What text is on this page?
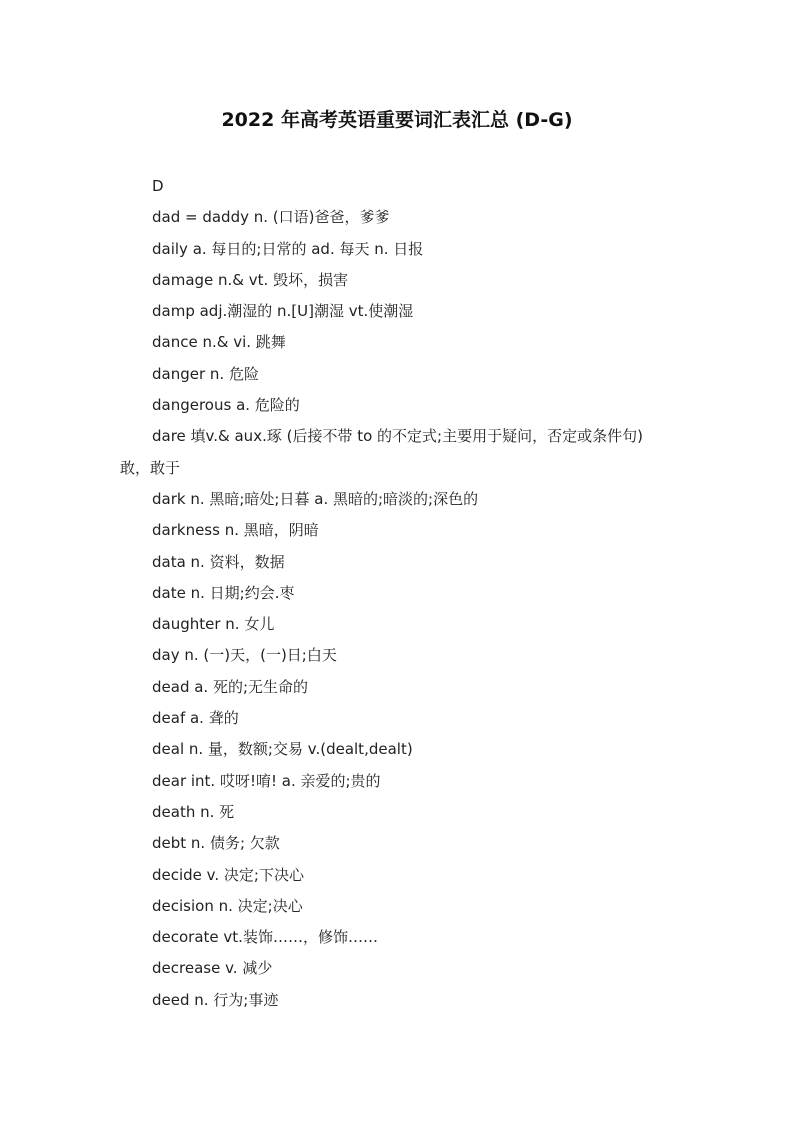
2022 年高考英语重要词汇表汇总 (D-G)
D
dad = daddy n. (口语)爸爸，爹爹
daily a. 每日的;日常的 ad. 每天 n. 日报
damage n.& vt. 毁坏，损害
damp adj.潮湿的 n.[U]潮湿 vt.使潮湿
dance n.& vi. 跳舞
danger n. 危险
dangerous a. 危险的
dare 填v.& aux.琢 (后接不带 to 的不定式;主要用于疑问，否定或条件句)
敢，敢于
dark n. 黑暗;暗处;日暮 a. 黑暗的;暗淡的;深色的
darkness n. 黑暗，阴暗
data n. 资料，数据
date n. 日期;约会.枣
daughter n. 女儿
day n. (一)天，(一)日;白天
dead a. 死的;无生命的
deaf a. 聋的
deal n. 量，数额;交易 v.(dealt,dealt)
dear int. 哎呀!唷! a. 亲爱的;贵的
death n. 死
debt n. 债务; 欠款
decide v. 决定;下决心
decision n. 决定;决心
decorate vt.装饰……，修饰……
decrease v. 减少
deed n. 行为;事迹
